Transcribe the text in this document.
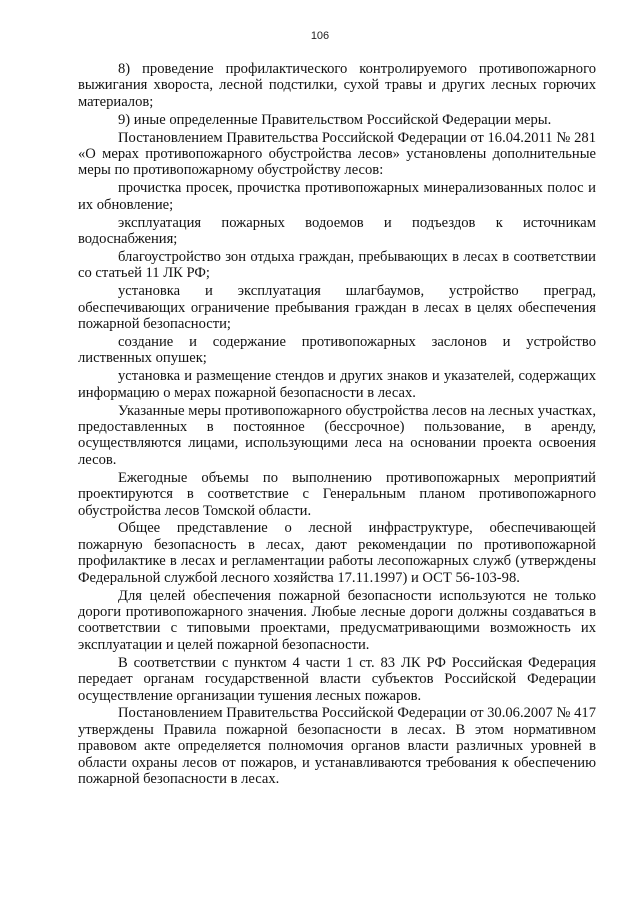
106

8) проведение профилактического контролируемого противопожарного выжигания хвороста, лесной подстилки, сухой травы и других лесных горючих материалов;

9) иные определенные Правительством Российской Федерации меры.

Постановлением Правительства Российской Федерации от 16.04.2011 № 281 «О мерах противопожарного обустройства лесов» установлены дополнительные меры по противопожарному обустройству лесов:

прочистка просек, прочистка противопожарных минерализованных полос и их обновление;

эксплуатация пожарных водоемов и подъездов к источникам водоснабжения;

благоустройство зон отдыха граждан, пребывающих в лесах в соответствии со статьей 11 ЛК РФ;

установка и эксплуатация шлагбаумов, устройство преград, обеспечивающих ограничение пребывания граждан в лесах в целях обеспечения пожарной безопасности;

создание и содержание противопожарных заслонов и устройство лиственных опушек;

установка и размещение стендов и других знаков и указателей, содержащих информацию о мерах пожарной безопасности в лесах.

Указанные меры противопожарного обустройства лесов на лесных участках, предоставленных в постоянное (бессрочное) пользование, в аренду, осуществляются лицами, использующими леса на основании проекта освоения лесов.

Ежегодные объемы по выполнению противопожарных мероприятий проектируются в соответствие с Генеральным планом противопожарного обустройства лесов Томской области.

Общее представление о лесной инфраструктуре, обеспечивающей пожарную безопасность в лесах, дают рекомендации по противопожарной профилактике в лесах и регламентации работы лесопожарных служб (утверждены Федеральной службой лесного хозяйства 17.11.1997) и ОСТ 56-103-98.

Для целей обеспечения пожарной безопасности используются не только дороги противопожарного значения. Любые лесные дороги должны создаваться в соответствии с типовыми проектами, предусматривающими возможность их эксплуатации и целей пожарной безопасности.

В соответствии с пунктом 4 части 1 ст. 83 ЛК РФ Российская Федерация передает органам государственной власти субъектов Российской Федерации осуществление организации тушения лесных пожаров.

Постановлением Правительства Российской Федерации от 30.06.2007 № 417 утверждены Правила пожарной безопасности в лесах. В этом нормативном правовом акте определяется полномочия органов власти различных уровней в области охраны лесов от пожаров, и устанавливаются требования к обеспечению пожарной безопасности в лесах.
